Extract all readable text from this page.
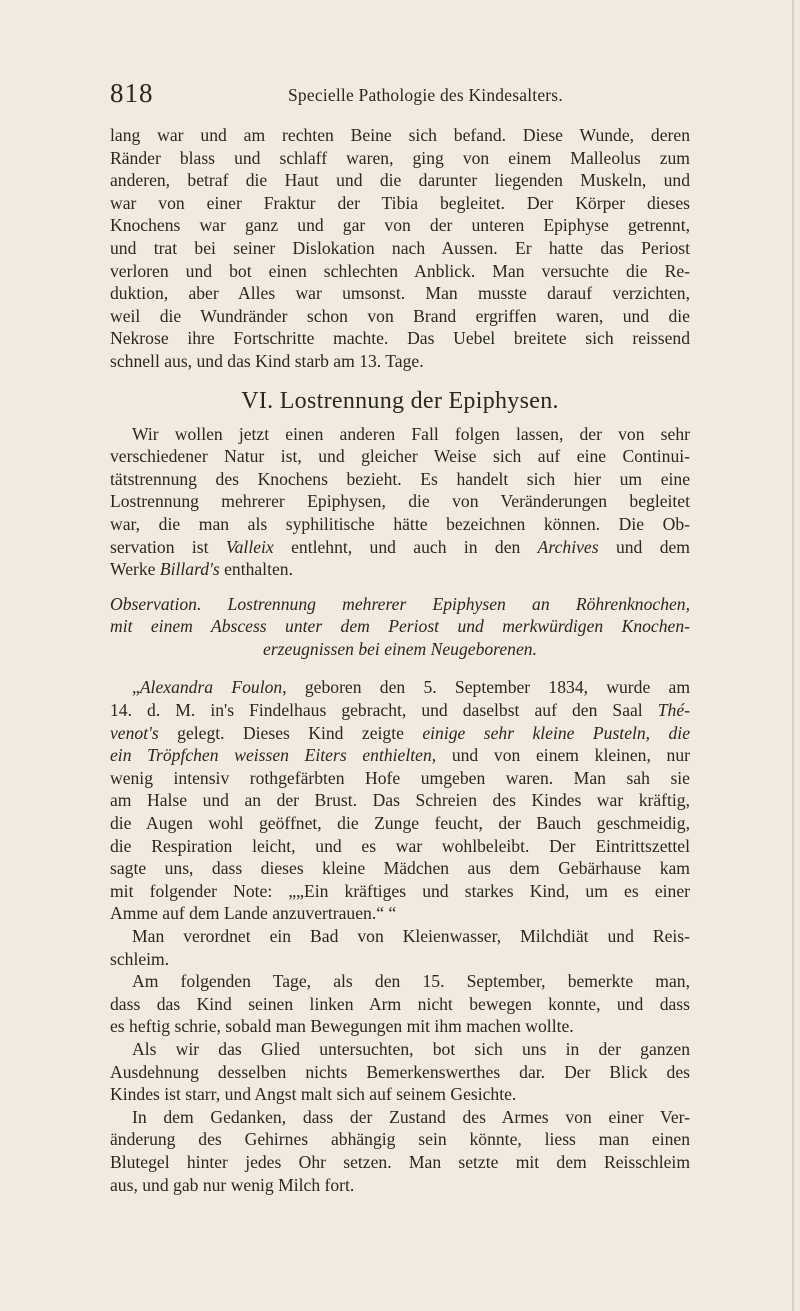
818	Specielle Pathologie des Kindesalters.
lang war und am rechten Beine sich befand. Diese Wunde, deren
Ränder blass und schlaff waren, ging von einem Malleolus zum
anderen, betraf die Haut und die darunter liegenden Muskeln, und
war von einer Fraktur der Tibia begleitet. Der Körper dieses
Knochens war ganz und gar von der unteren Epiphyse getrennt,
und trat bei seiner Dislokation nach Aussen. Er hatte das Periost
verloren und bot einen schlechten Anblick. Man versuchte die Re-
duktion, aber Alles war umsonst. Man musste darauf verzichten,
weil die Wundränder schon von Brand ergriffen waren, und die
Nekrose ihre Fortschritte machte. Das Uebel breitete sich reissend
schnell aus, und das Kind starb am 13. Tage.
VI. Lostrennung der Epiphysen.
Wir wollen jetzt einen anderen Fall folgen lassen, der von sehr
verschiedener Natur ist, und gleicher Weise sich auf eine Continui-
tätstrennung des Knochens bezieht. Es handelt sich hier um eine
Lostrennung mehrerer Epiphysen, die von Veränderungen begleitet
war, die man als syphilitische hätte bezeichnen können. Die Ob-
servation ist Valleix entlehnt, und auch in den Archives und dem
Werke Billard's enthalten.
Observation. Lostrennung mehrerer Epiphysen an Röhrenknochen,
mit einem Abscess unter dem Periost und merkwürdigen Knochen-
erzeugnissen bei einem Neugeborenen.
„Alexandra Foulon, geboren den 5. September 1834, wurde am
14. d. M. in's Findelhaus gebracht, und daselbst auf den Saal Thé-
venot's gelegt. Dieses Kind zeigte einige sehr kleine Pusteln, die
ein Tröpfchen weissen Eiters enthielten, und von einem kleinen, nur
wenig intensiv rothgefärbten Hofe umgeben waren. Man sah sie
am Halse und an der Brust. Das Schreien des Kindes war kräftig,
die Augen wohl geöffnet, die Zunge feucht, der Bauch geschmeidig,
die Respiration leicht, und es war wohlbeleibt. Der Eintrittszettel
sagte uns, dass dieses kleine Mädchen aus dem Gebärhause kam
mit folgender Note: „„Ein kräftiges und starkes Kind, um es einer
Amme auf dem Lande anzuvertrauen.“ “
Man verordnet ein Bad von Kleienwasser, Milchdiät und Reis-
schleim.
Am folgenden Tage, als den 15. September, bemerkte man,
dass das Kind seinen linken Arm nicht bewegen konnte, und dass
es heftig schrie, sobald man Bewegungen mit ihm machen wollte.
Als wir das Glied untersuchten, bot sich uns in der ganzen
Ausdehnung desselben nichts Bemerkenswerthes dar. Der Blick des
Kindes ist starr, und Angst malt sich auf seinem Gesichte.
In dem Gedanken, dass der Zustand des Armes von einer Ver-
änderung des Gehirnes abhängig sein könnte, liess man einen
Blutegel hinter jedes Ohr setzen. Man setzte mit dem Reisschleim
aus, und gab nur wenig Milch fort.
